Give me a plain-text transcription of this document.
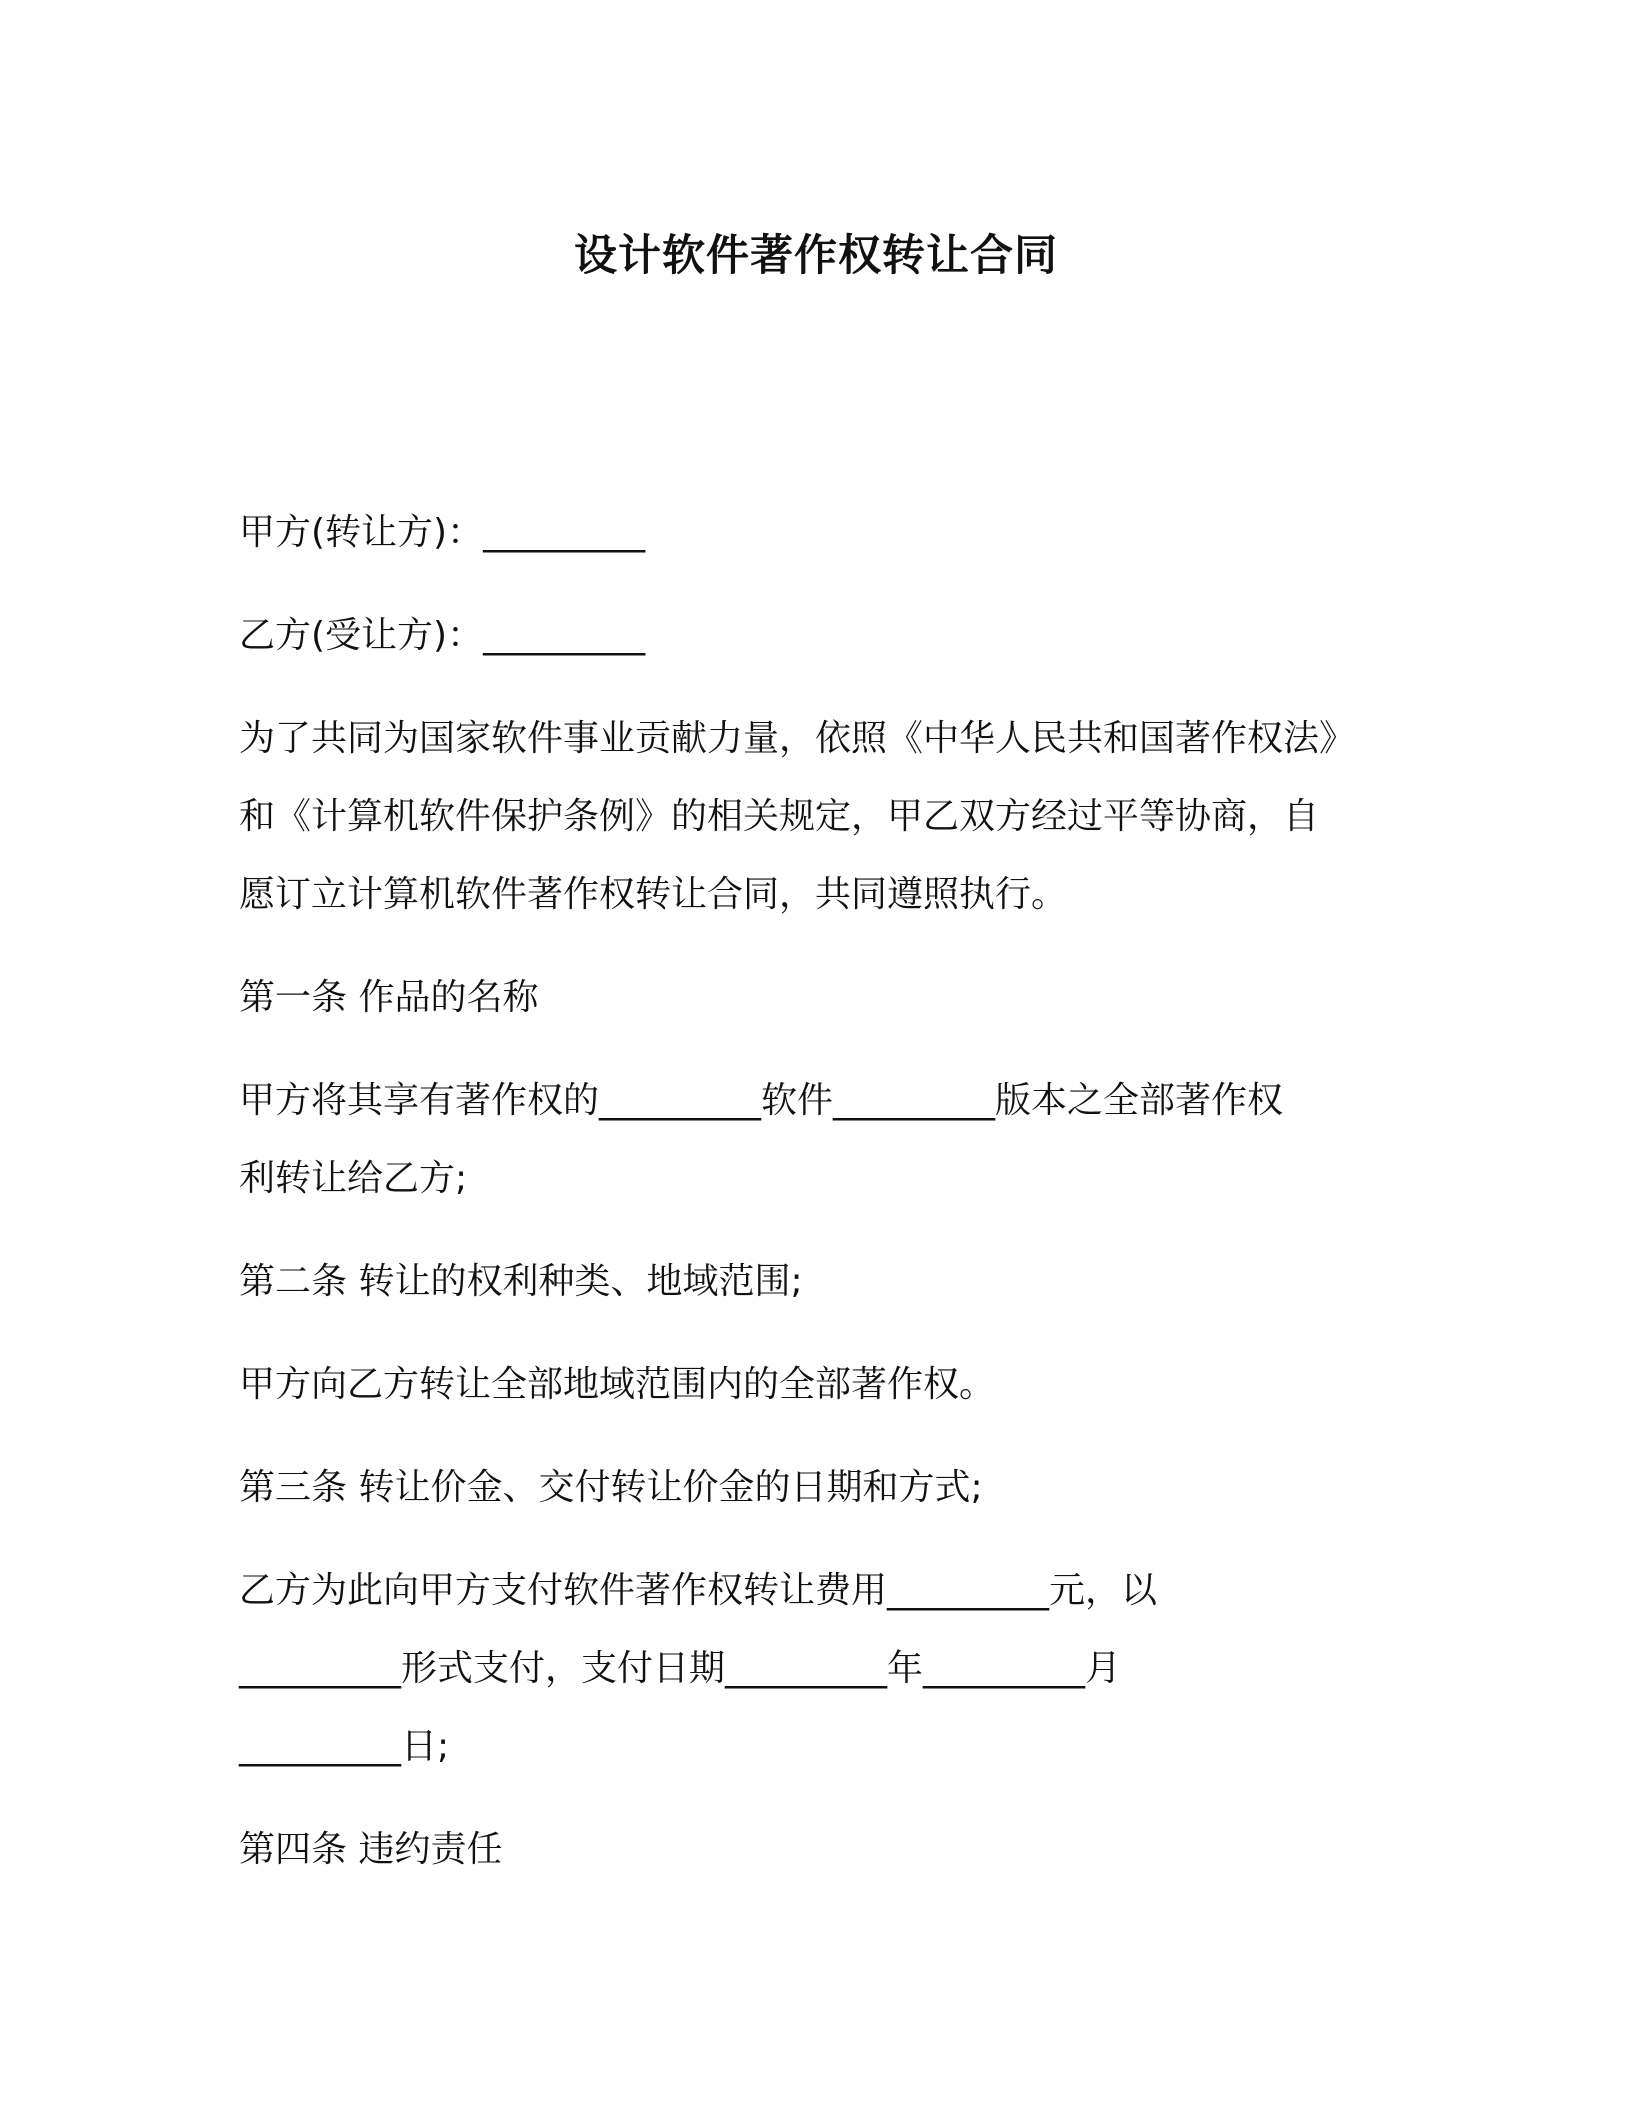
设计软件著作权转让合同

甲方(转让方)：_________

乙方(受让方)：_________

为了共同为国家软件事业贡献力量，依照《中华人民共和国著作权法》
和《计算机软件保护条例》的相关规定，甲乙双方经过平等协商，自
愿订立计算机软件著作权转让合同，共同遵照执行。

第一条 作品的名称

甲方将其享有著作权的_________软件_________版本之全部著作权
利转让给乙方;

第二条 转让的权利种类、地域范围;

甲方向乙方转让全部地域范围内的全部著作权。

第三条 转让价金、交付转让价金的日期和方式;

乙方为此向甲方支付软件著作权转让费用_________元，以
_________形式支付，支付日期_________年_________月
_________日;

第四条 违约责任
